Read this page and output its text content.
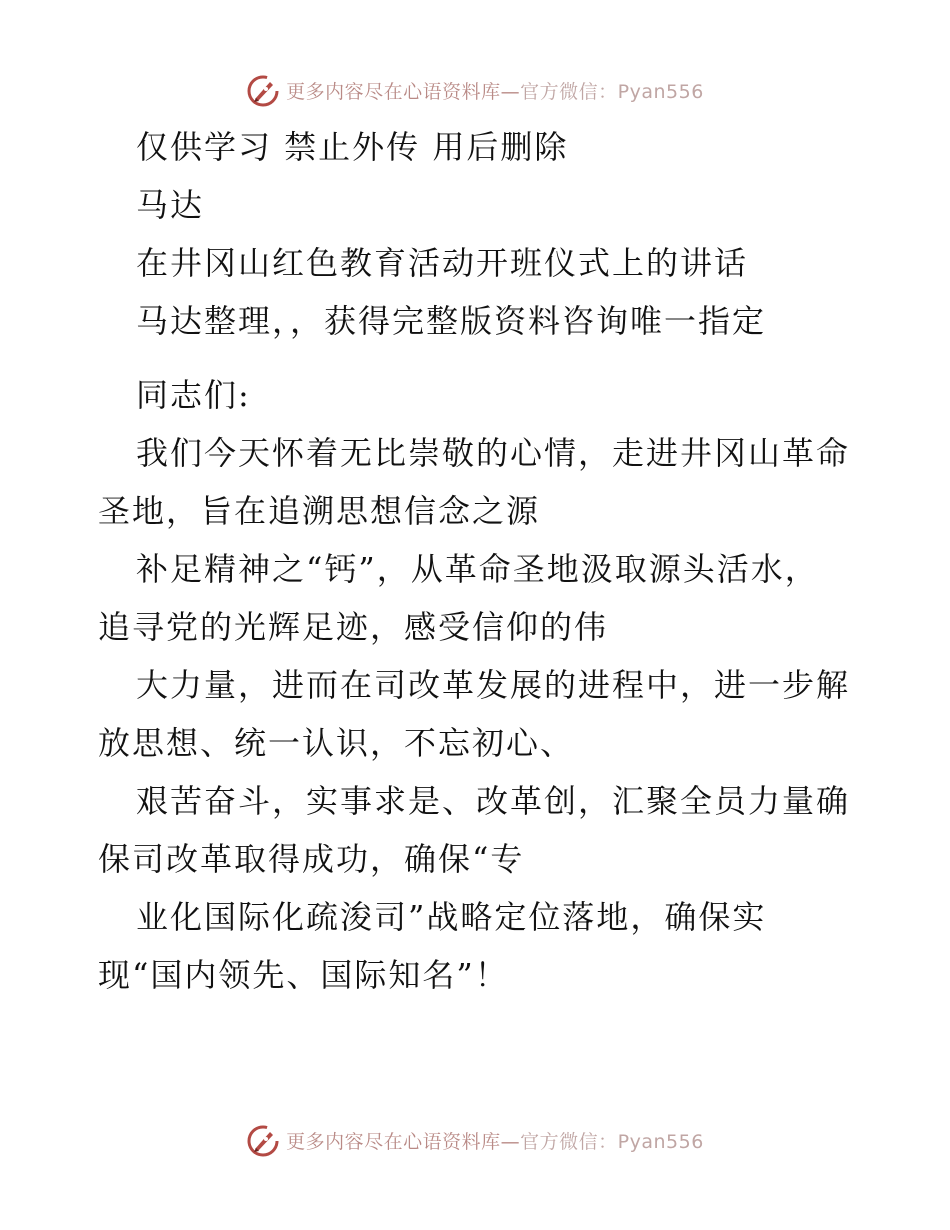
更多内容尽在心语资料库—官方微信：Pyan556
仅供学习 禁止外传 用后删除
马达
在井冈山红色教育活动开班仪式上的讲话
马达整理，，获得完整版资料咨询唯一指定
同志们:
我们今天怀着无比崇敬的心情，走进井冈山革命
圣地，旨在追溯思想信念之源
补足精神之“钙”，从革命圣地汲取源头活水，
追寻党的光辉足迹，感受信仰的伟
大力量，进而在司改革发展的进程中，进一步解
放思想、统一认识，不忘初心、
艰苦奋斗，实事求是、改革创，汇聚全员力量确
保司改革取得成功，确保“专
业化国际化疏浚司”战略定位落地，确保实
现“国内领先、国际知名”！
更多内容尽在心语资料库—官方微信：Pyan556
